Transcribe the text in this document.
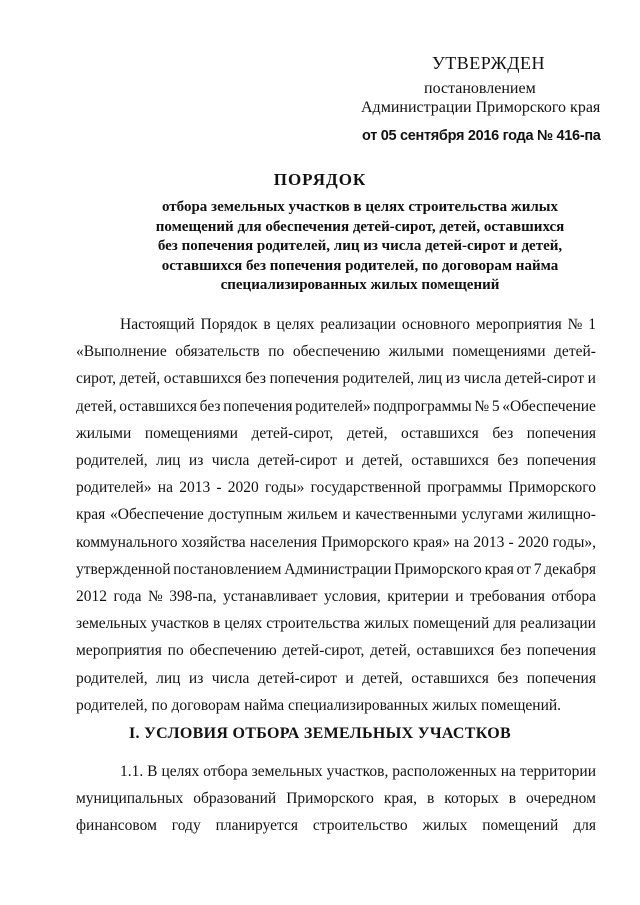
УТВЕРЖДЕН
постановлением
Администрации Приморского края
от 05 сентября 2016 года № 416-па
ПОРЯДОК
отбора земельных участков в целях строительства жилых
помещений для обеспечения детей-сирот, детей, оставшихся
без попечения родителей, лиц из числа детей-сирот и детей,
оставшихся без попечения родителей, по договорам найма
специализированных жилых помещений
Настоящий Порядок в целях реализации основного мероприятия № 1
«Выполнение обязательств по обеспечению жилыми помещениями детей-
сирот, детей, оставшихся без попечения родителей, лиц из числа детей-сирот и
детей, оставшихся без попечения родителей» подпрограммы № 5 «Обеспечение
жилыми помещениями детей-сирот, детей, оставшихся без попечения
родителей, лиц из числа детей-сирот и детей, оставшихся без попечения
родителей» на 2013 - 2020 годы» государственной программы Приморского
края «Обеспечение доступным жильем и качественными услугами жилищно-
коммунального хозяйства населения Приморского края» на 2013 - 2020 годы»,
утвержденной постановлением Администрации Приморского края от 7 декабря
2012 года № 398-па, устанавливает условия, критерии и требования отбора
земельных участков в целях строительства жилых помещений для реализации
мероприятия по обеспечению детей-сирот, детей, оставшихся без попечения
родителей, лиц из числа детей-сирот и детей, оставшихся без попечения
родителей, по договорам найма специализированных жилых помещений.
I. УСЛОВИЯ ОТБОРА ЗЕМЕЛЬНЫХ УЧАСТКОВ
1.1. В целях отбора земельных участков, расположенных на территории
муниципальных образований Приморского края, в которых в очередном
финансовом году планируется строительство жилых помещений для
